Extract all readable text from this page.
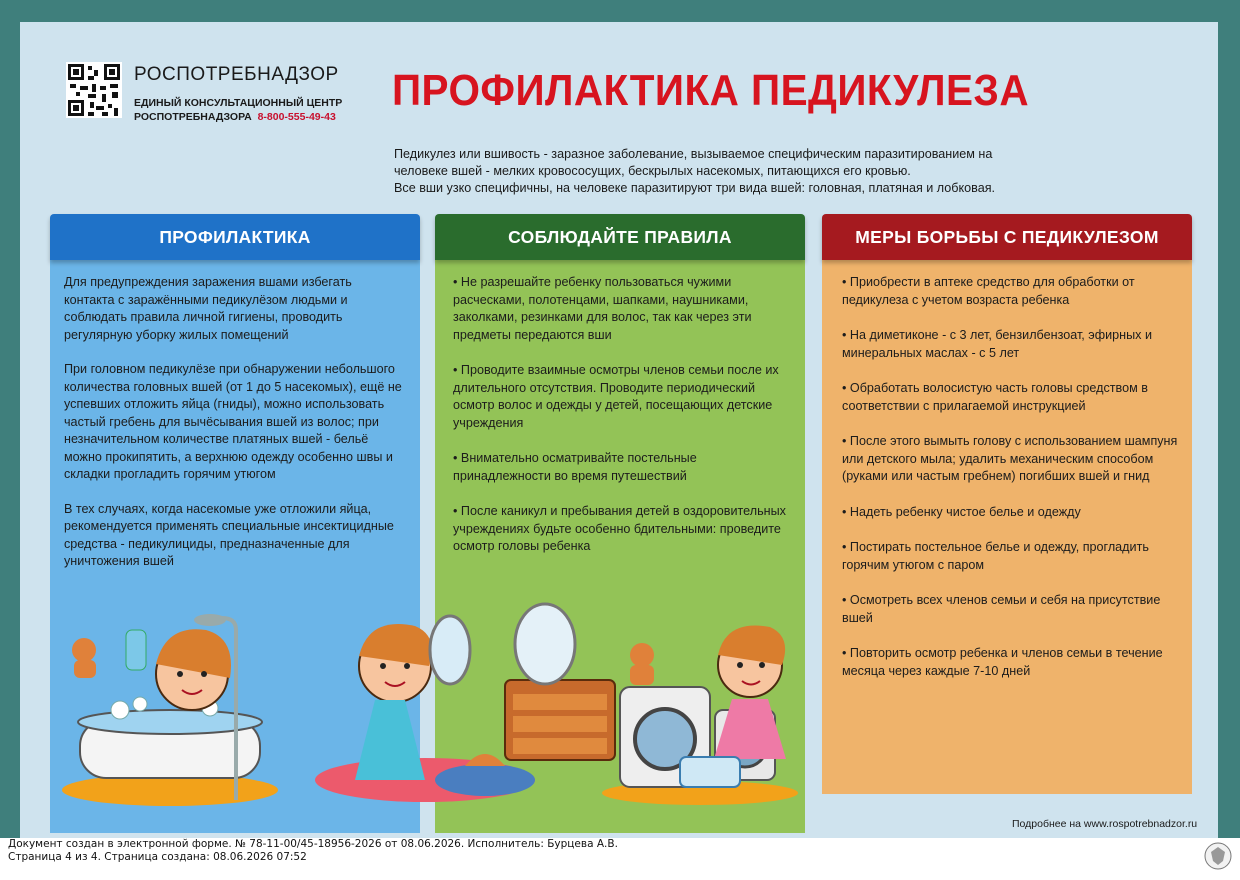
РОСПОТРЕБНАДЗОР
ЕДИНЫЙ КОНСУЛЬТАЦИОННЫЙ ЦЕНТР
РОСПОТРЕБНАДЗОРА 8-800-555-49-43
ПРОФИЛАКТИКА ПЕДИКУЛЕЗА

Педикулез или вшивость - заразное заболевание, вызываемое специфическим паразитированием на

человеке вшей - мелких кровососущих, бескрылых насекомых, питающихся его кровью.

Все вши узко специфичны, на человеке паразитируют три вида вшей: головная, платяная и лобковая.

ПРОФИЛАКТИКА

Для предупреждения заражения вшами избегать контакта с заражёнными педикулёзом людьми и соблюдать правила личной гигиены, проводить регулярную уборку жилых помещений

При головном педикулёзе при обнаружении небольшого количества головных вшей (от 1 до 5 насекомых), ещё не успевших отложить яйца (гниды), можно использовать частый гребень для вычёсывания вшей из волос; при незначительном количестве платяных вшей - бельё можно прокипятить, а верхнюю одежду особенно швы и складки прогладить горячим утюгом

В тех случаях, когда насекомые уже отложили яйца, рекомендуется применять специальные инсектицидные средства - педикулициды, предназначенные для уничтожения вшей

СОБЛЮДАЙТЕ ПРАВИЛА
• Не разрешайте ребенку пользоваться чужими расческами, полотенцами, шапками, наушниками, заколками, резинками для волос, так как через эти предметы передаются вши
• Проводите взаимные осмотры членов семьи после их длительного отсутствия. Проводите периодический осмотр волос и одежды у детей, посещающих детские учреждения
• Внимательно осматривайте постельные принадлежности во время путешествий
• После каникул и пребывания детей в оздоровительных учреждениях будьте особенно бдительными: проведите осмотр головы ребенка
МЕРЫ БОРЬБЫ С ПЕДИКУЛЕЗОМ
• Приобрести в аптеке средство для обработки от педикулеза с учетом возраста ребенка
• На диметиконе - с 3 лет, бензилбензоат, эфирных и минеральных маслах - с 5 лет
• Обработать волосистую часть головы средством в соответствии с прилагаемой инструкцией
• После этого вымыть голову с использованием шампуня или детского мыла; удалить механическим способом (руками или частым гребнем) погибших вшей и гнид
• Надеть ребенку чистое белье и одежду
• Постирать постельное белье и одежду, прогладить горячим утюгом с паром
• Осмотреть всех членов семьи и себя на присутствие вшей
• Повторить осмотр ребенка и членов семьи в течение месяца через каждые 7-10 дней
Подробнее на www.rospotrebnadzor.ru
Документ создан в электронной форме. № 78-11-00/45-18956-2026 от 08.06.2026. Исполнитель: Бурцева А.В.
Страница 4 из 4. Страница создана: 08.06.2026 07:52
